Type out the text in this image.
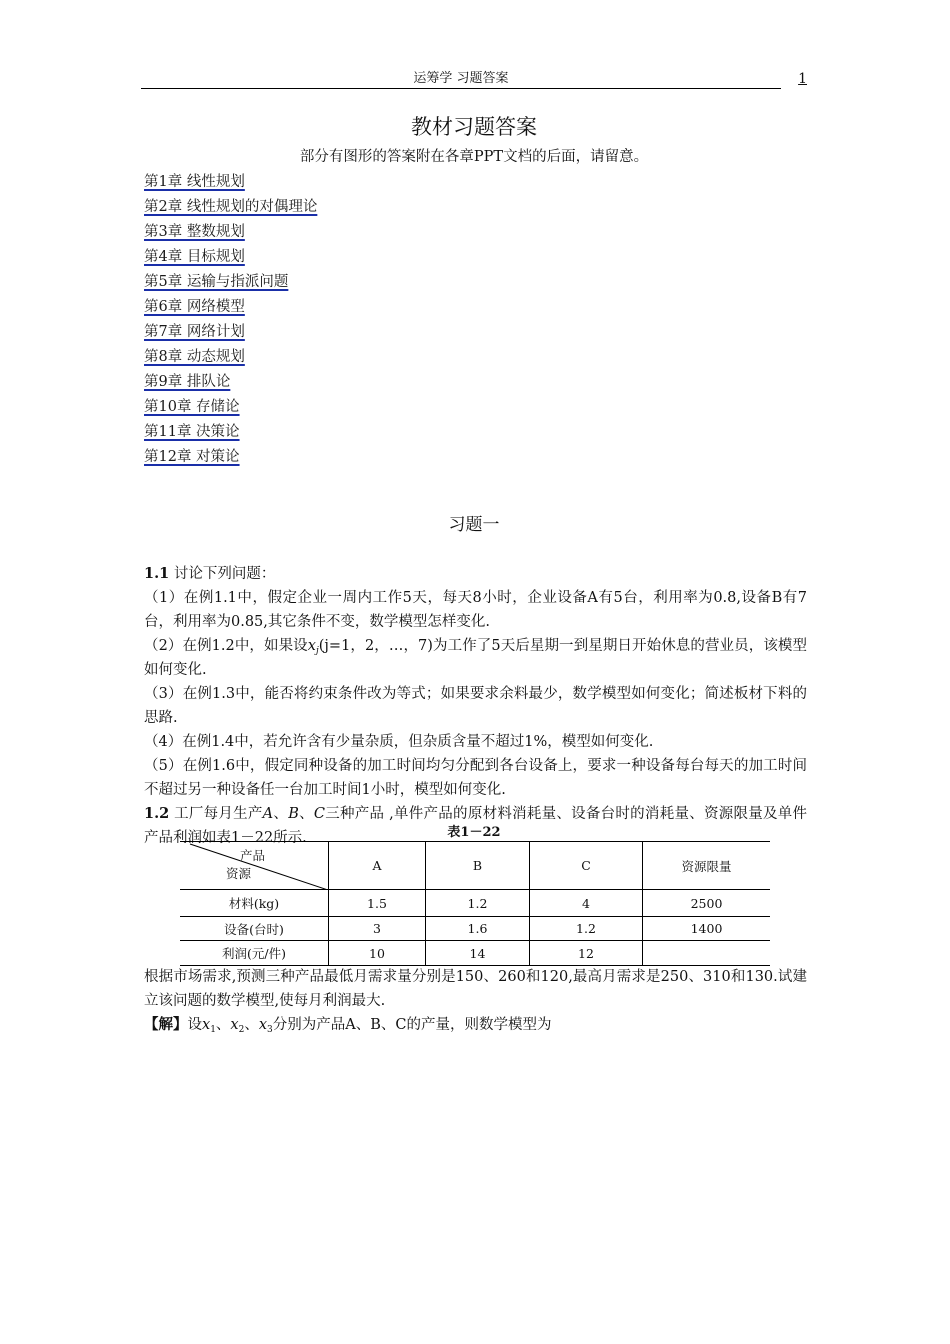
运筹学 习题答案	1
教材习题答案
部分有图形的答案附在各章PPT文档的后面，请留意。
第1章 线性规划
第2章 线性规划的对偶理论
第3章 整数规划
第4章 目标规划
第5章 运输与指派问题
第6章 网络模型
第7章 网络计划
第8章 动态规划
第9章 排队论
第10章 存储论
第11章 决策论
第12章 对策论
习题一

1.1 讨论下列问题：

（1）在例1.1中，假定企业一周内工作5天，每天8小时，企业设备A有5台，利用率为0.8,设备B有7台，利用率为0.85,其它条件不变，数学模型怎样变化.

（2）在例1.2中，如果设$x_j(j=1$，2，…，7)为工作了5天后星期一到星期日开始休息的营业员，该模型如何变化.

（3）在例1.3中，能否将约束条件改为等式；如果要求余料最少，数学模型如何变化；简述板材下料的思路.

（4）在例1.4中，若允许含有少量杂质，但杂质含量不超过1%，模型如何变化.

（5）在例1.6中，假定同种设备的加工时间均匀分配到各台设备上，要求一种设备每台每天的加工时间不超过另一种设备任一台加工时间1小时，模型如何变化.

1.2 工厂每月生产A、B、C三种产品 ,单件产品的原材料消耗量、设备台时的消耗量、资源限量及单件产品利润如表1－22所示.	表1－22
产品
资源	A	B	C	资源限量
材料(kg)	1.5	1.2	4	2500
设备(台时)	3	1.6	1.2	1400
利润(元/件)	10	14	12	

根据市场需求,预测三种产品最低月需求量分别是150、260和120,最高月需求是250、310和130.试建立该问题的数学模型,使每月利润最大.

【解】设$x_1$、$x_2$、$x_3$分别为产品A、B、C的产量，则数学模型为
